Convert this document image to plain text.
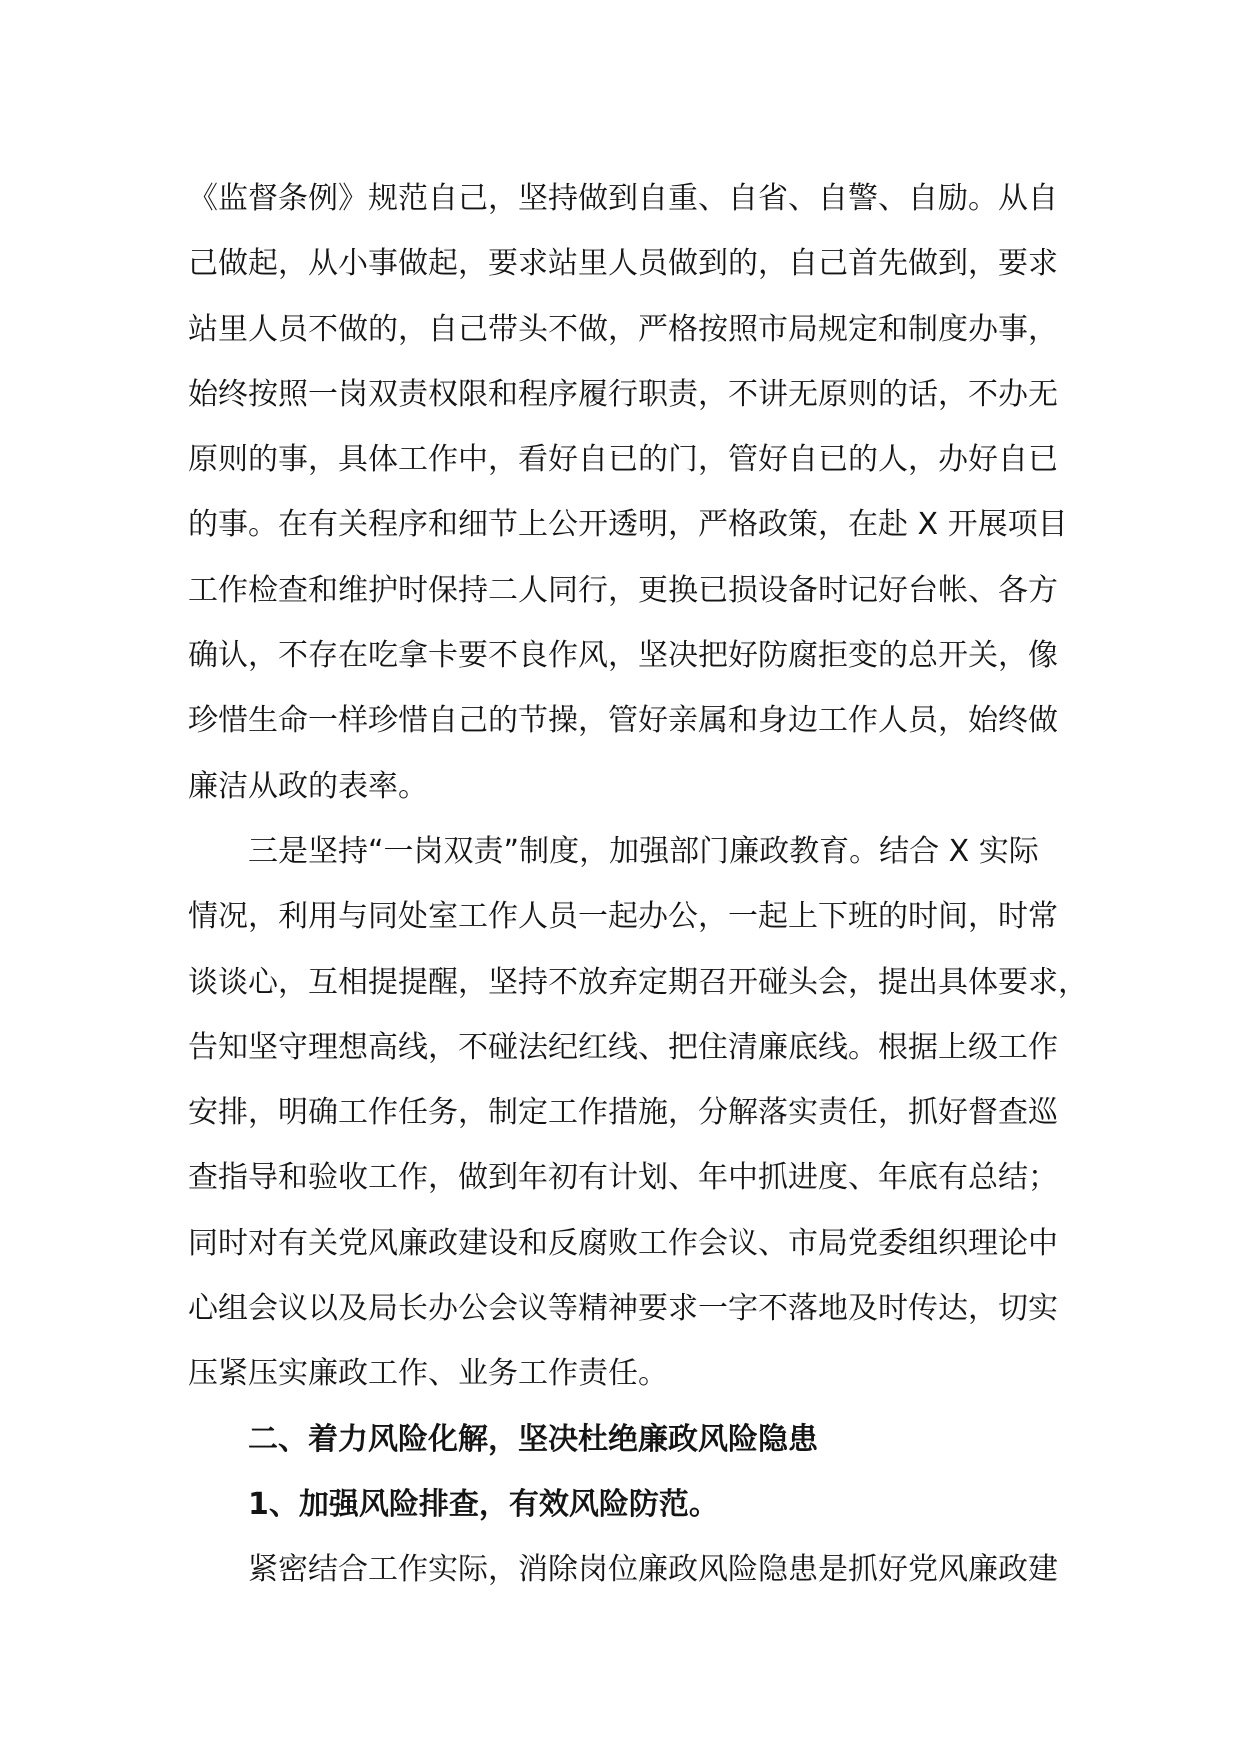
《监督条例》规范自己，坚持做到自重、自省、自警、自励。从自
己做起，从小事做起，要求站里人员做到的，自己首先做到，要求
站里人员不做的，自己带头不做，严格按照市局规定和制度办事，
始终按照一岗双责权限和程序履行职责，不讲无原则的话，不办无
原则的事，具体工作中，看好自已的门，管好自已的人，办好自已
的事。在有关程序和细节上公开透明，严格政策，在赴 X 开展项目
工作检查和维护时保持二人同行，更换已损设备时记好台帐、各方
确认，不存在吃拿卡要不良作风，坚决把好防腐拒变的总开关，像
珍惜生命一样珍惜自己的节操，管好亲属和身边工作人员，始终做
廉洁从政的表率。
三是坚持“一岗双责”制度，加强部门廉政教育。结合 X 实际
情况，利用与同处室工作人员一起办公，一起上下班的时间，时常
谈谈心，互相提提醒，坚持不放弃定期召开碰头会，提出具体要求，
告知坚守理想高线，不碰法纪红线、把住清廉底线。根据上级工作
安排，明确工作任务，制定工作措施，分解落实责任，抓好督查巡
查指导和验收工作，做到年初有计划、年中抓进度、年底有总结；
同时对有关党风廉政建设和反腐败工作会议、市局党委组织理论中
心组会议以及局长办公会议等精神要求一字不落地及时传达，切实
压紧压实廉政工作、业务工作责任。
二、着力风险化解，坚决杜绝廉政风险隐患
1、加强风险排查，有效风险防范。
紧密结合工作实际，消除岗位廉政风险隐患是抓好党风廉政建
